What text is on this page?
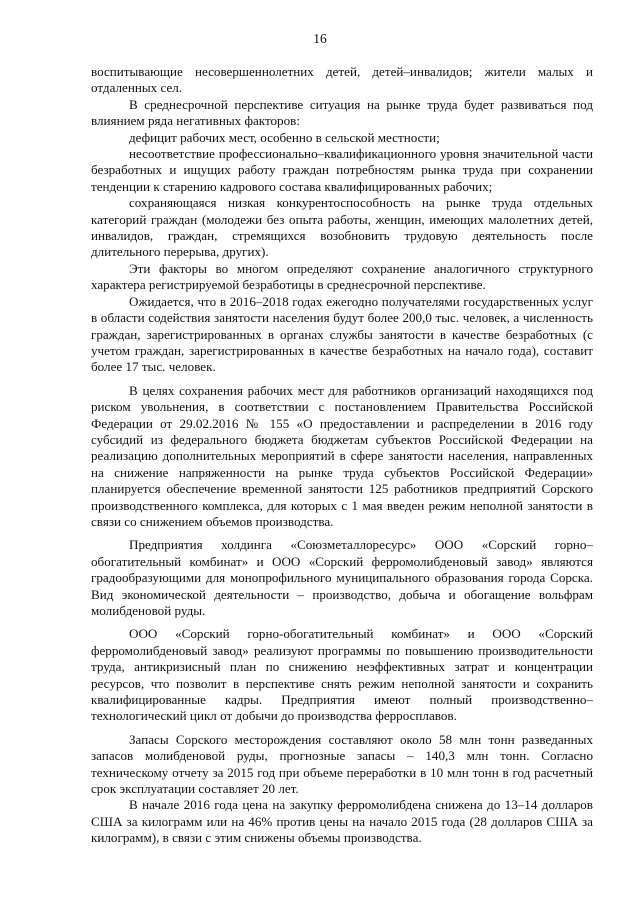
16

воспитывающие несовершеннолетних детей, детей–инвалидов; жители малых и отдаленных сел.

В среднесрочной перспективе ситуация на рынке труда будет развиваться под влиянием ряда негативных факторов:

дефицит рабочих мест, особенно в сельской местности;

несоответствие профессионально–квалификационного уровня значительной части безработных и ищущих работу граждан потребностям рынка труда при сохранении тенденции к старению кадрового состава квалифицированных рабочих;

сохраняющаяся низкая конкурентоспособность на рынке труда отдельных категорий граждан (молодежи без опыта работы, женщин, имеющих малолетних детей, инвалидов, граждан, стремящихся возобновить трудовую деятельность после длительного перерыва, других).

Эти факторы во многом определяют сохранение аналогичного структурного характера регистрируемой безработицы в среднесрочной перспективе.

Ожидается, что в 2016–2018 годах ежегодно получателями государственных услуг в области содействия занятости населения будут более 200,0 тыс. человек, а численность граждан, зарегистрированных в органах службы занятости в качестве безработных (с учетом граждан, зарегистрированных в качестве безработных на начало года), составит более 17 тыс. человек.

В целях сохранения рабочих мест для работников организаций находящихся под риском увольнения, в соответствии с постановлением Правительства Российской Федерации от 29.02.2016 № 155 «О предоставлении и распределении в 2016 году субсидий из федерального бюджета бюджетам субъектов Российской Федерации на реализацию дополнительных мероприятий в сфере занятости населения, направленных на снижение напряженности на рынке труда субъектов Российской Федерации» планируется обеспечение временной занятости 125 работников предприятий Сорского производственного комплекса, для которых с 1 мая введен режим неполной занятости в связи со снижением объемов производства.

Предприятия холдинга «Союзметаллоресурс» ООО «Сорский горно–обогатительный комбинат» и ООО «Сорский ферромолибденовый завод» являются градообразующими для монопрофильного муниципального образования города Сорска. Вид экономической деятельности – производство, добыча и обогащение вольфрам молибденовой руды.

ООО «Сорский горно-обогатительный комбинат» и ООО «Сорский ферромолибденовый завод» реализуют программы по повышению производительности труда, антикризисный план по снижению неэффективных затрат и концентрации ресурсов, что позволит в перспективе снять режим неполной занятости и сохранить квалифицированные кадры. Предприятия имеют полный производственно–технологический цикл от добычи до производства ферросплавов.

Запасы Сорского месторождения составляют около 58 млн тонн разведанных запасов молибденовой руды, прогнозные запасы – 140,3 млн тонн. Согласно техническому отчету за 2015 год при объеме переработки в 10 млн тонн в год расчетный срок эксплуатации составляет 20 лет.

В начале 2016 года цена на закупку ферромолибдена снижена до 13–14 долларов США за килограмм или на 46% против цены на начало 2015 года (28 долларов США за килограмм), в связи с этим снижены объемы производства.
